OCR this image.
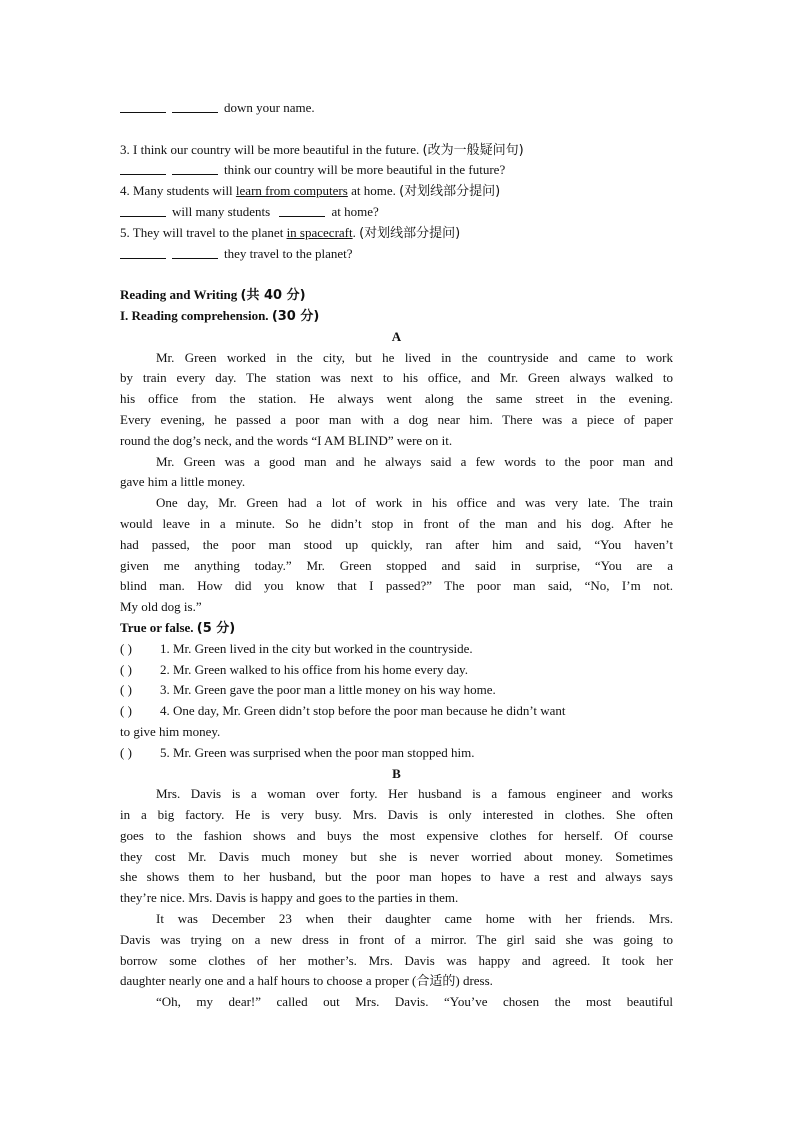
down your name.
3. I think our country will be more beautiful in the future. (改为一般疑问句)
think our country will be more beautiful in the future?
4. Many students will learn from computers at home. (对划线部分提问)
will many students	at home?
5. They will travel to the planet in spacecraft. (对划线部分提问)
they travel to the planet?
Reading and Writing (共 40 分)
I. Reading comprehension. (30 分)
A
Mr. Green worked in the city, but he lived in the countryside and came to work
by train every day. The station was next to his office, and Mr. Green always walked to
his office from the station. He always went along the same street in the evening.
Every evening, he passed a poor man with a dog near him. There was a piece of paper
round the dog’s neck, and the words “I AM BLIND” were on it.
Mr. Green was a good man and he always said a few words to the poor man and
gave him a little money.
One day, Mr. Green had a lot of work in his office and was very late. The train
would leave in a minute. So he didn’t stop in front of the man and his dog. After he
had passed, the poor man stood up quickly, ran after him and said, “You haven’t
given me anything today.” Mr. Green stopped and said in surprise, “You are a
blind man. How did you know that I passed?” The poor man said, “No, I’m not.
My old dog is.”
True or false. (5 分)
( ) 1. Mr. Green lived in the city but worked in the countryside.
( ) 2. Mr. Green walked to his office from his home every day.
( ) 3. Mr. Green gave the poor man a little money on his way home.
( ) 4. One day, Mr. Green didn’t stop before the poor man because he didn’t want
to give him money.
( ) 5. Mr. Green was surprised when the poor man stopped him.
B
Mrs. Davis is a woman over forty. Her husband is a famous engineer and works
in a big factory. He is very busy. Mrs. Davis is only interested in clothes. She often
goes to the fashion shows and buys the most expensive clothes for herself. Of course
they cost Mr. Davis much money but she is never worried about money. Sometimes
she shows them to her husband, but the poor man hopes to have a rest and always says
they’re nice. Mrs. Davis is happy and goes to the parties in them.
It was December 23 when their daughter came home with her friends. Mrs.
Davis was trying on a new dress in front of a mirror. The girl said she was going to
borrow some clothes of her mother’s. Mrs. Davis was happy and agreed. It took her
daughter nearly one and a half hours to choose a proper (合适的) dress.
“Oh, my dear!” called out Mrs. Davis. “You’ve chosen the most beautiful
